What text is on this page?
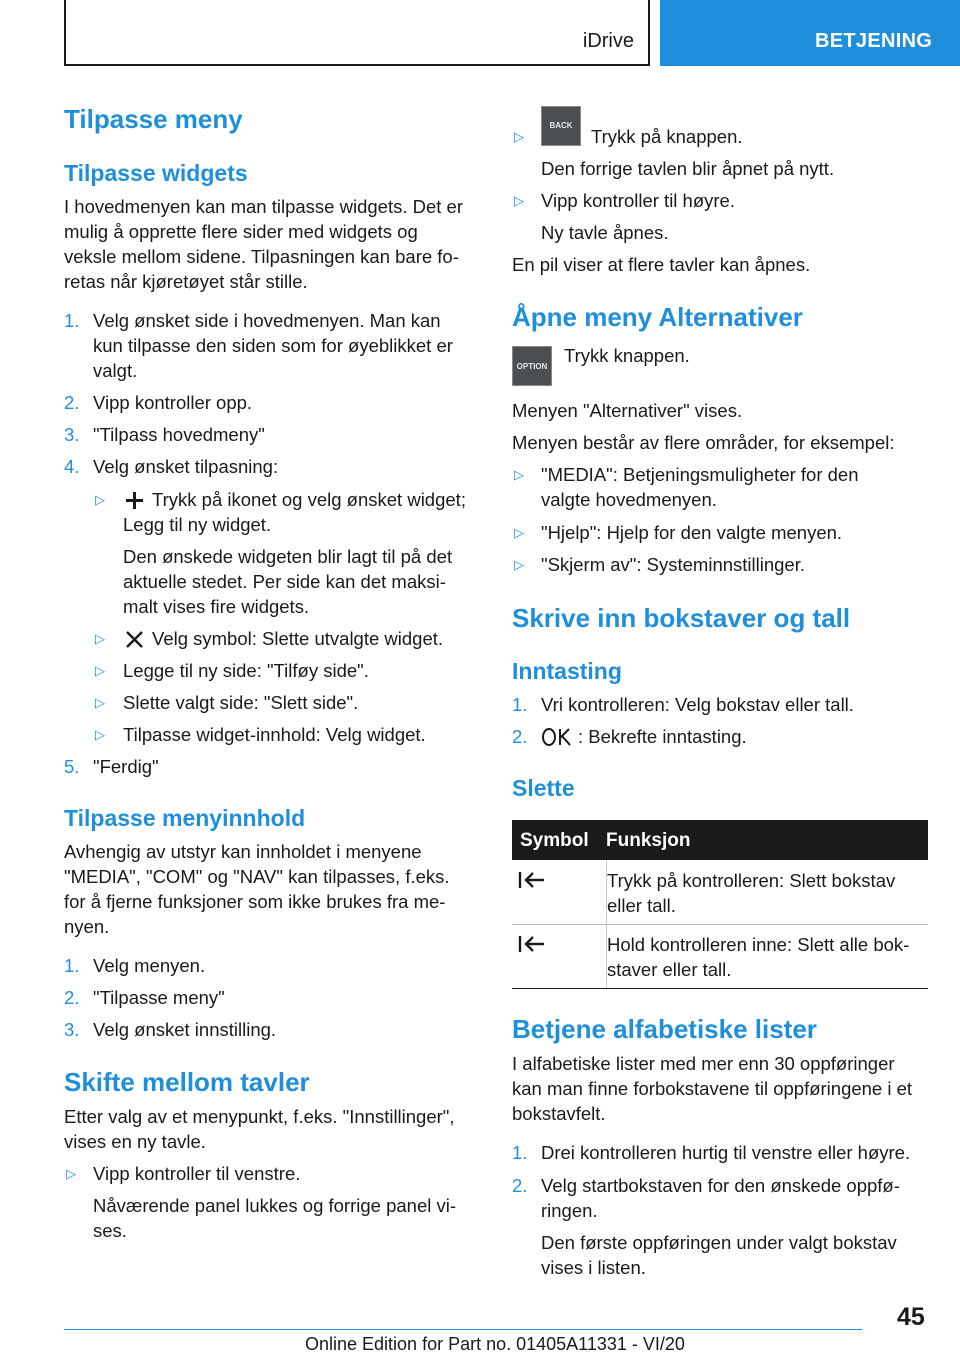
iDrive	BETJENING
Tilpasse meny
Tilpasse widgets
I hovedmenyen kan man tilpasse widgets. Det er
mulig å opprette flere sider med widgets og
veksle mellom sidene. Tilpasningen kan bare fo-
retas når kjøretøyet står stille.
1. Velg ønsket side i hovedmenyen. Man kan
kun tilpasse den siden som for øyeblikket er
valgt.
2. Vipp kontroller opp.
3. "Tilpass hovedmeny"
4. Velg ønsket tilpasning:
▷	Trykk på ikonet og velg ønsket widget;
Legg til ny widget.
Den ønskede widgeten blir lagt til på det
aktuelle stedet. Per side kan det maksi-
malt vises fire widgets.
▷	Velg symbol: Slette utvalgte widget.
▷ Legge til ny side: "Tilføy side".
▷ Slette valgt side: "Slett side".
▷ Tilpasse widget-innhold: Velg widget.
5. "Ferdig"
Tilpasse menyinnhold
Avhengig av utstyr kan innholdet i menyene
"MEDIA", "COM" og "NAV" kan tilpasses, f.eks.
for å fjerne funksjoner som ikke brukes fra me-
nyen.
1. Velg menyen.
2. "Tilpasse meny"
3. Velg ønsket innstilling.
Skifte mellom tavler
Etter valg av et menypunkt, f.eks. "Innstillinger",
vises en ny tavle.
▷ Vipp kontroller til venstre.
Nåværende panel lukkes og forrige panel vi-
ses.
▷
BACK
Trykk på knappen.
Den forrige tavlen blir åpnet på nytt.
▷ Vipp kontroller til høyre.
Ny tavle åpnes.
En pil viser at flere tavler kan åpnes.
Åpne meny Alternativer
OPTION
Trykk knappen.
Menyen "Alternativer" vises.
Menyen består av flere områder, for eksempel:
▷ "MEDIA": Betjeningsmuligheter for den
valgte hovedmenyen.
▷ "Hjelp": Hjelp for den valgte menyen.
▷ "Skjerm av": Systeminnstillinger.
Skrive inn bokstaver og tall
Inntasting
1. Vri kontrolleren: Velg bokstav eller tall.
2.	: Bekrefte inntasting.
Slette
Symbol Funksjon
Trykk på kontrolleren: Slett bokstav
eller tall.
Hold kontrolleren inne: Slett alle bok-
staver eller tall.
Betjene alfabetiske lister
I alfabetiske lister med mer enn 30 oppføringer
kan man finne forbokstavene til oppføringene i et
bokstavfelt.
1. Drei kontrolleren hurtig til venstre eller høyre.
2. Velg startbokstaven for den ønskede oppfø-
ringen.
Den første oppføringen under valgt bokstav
vises i listen.
45
Online Edition for Part no. 01405A11331 - VI/20
